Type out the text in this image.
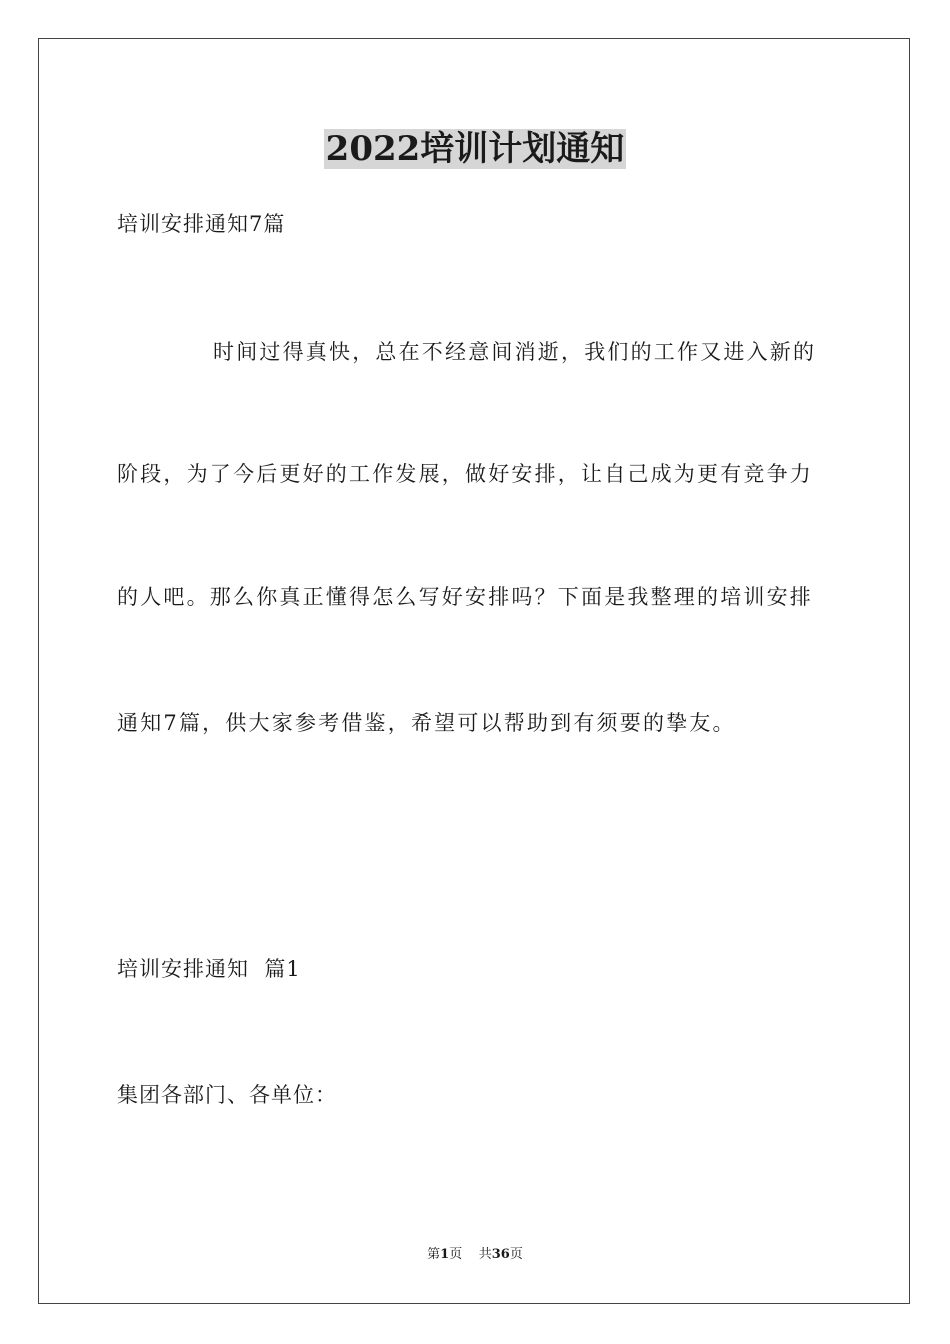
2022培训计划通知
培训安排通知7篇
时间过得真快，总在不经意间消逝，我们的工作又进入新的
阶段，为了今后更好的工作发展，做好安排，让自己成为更有竞争力
的人吧。那么你真正懂得怎么写好安排吗？下面是我整理的培训安排
通知7篇，供大家参考借鉴，希望可以帮助到有须要的挚友。
培训安排通知  篇1
集团各部门、各单位：
第1页 共36页
